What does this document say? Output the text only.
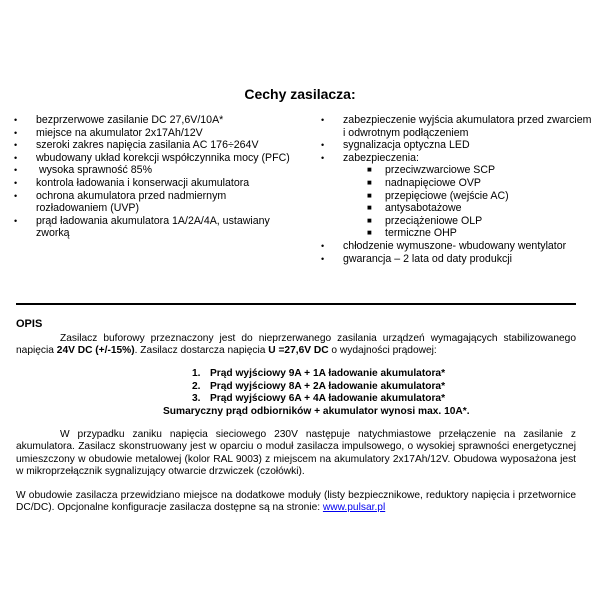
Cechy zasilacza:
• bezprzerwowe zasilanie DC 27,6V/10A*
• miejsce na akumulator 2x17Ah/12V
• szeroki zakres napięcia zasilania AC 176÷264V
• wbudowany układ korekcji współczynnika mocy (PFC)
• wysoka sprawność 85%
• kontrola ładowania i konserwacji akumulatora
• ochrona akumulatora przed nadmiernym rozładowaniem (UVP)
• prąd ładowania akumulatora 1A/2A/4A, ustawiany zworką
• zabezpieczenie wyjścia akumulatora przed zwarciem i odwrotnym podłączeniem
• sygnalizacja optyczna LED
• zabezpieczenia:
■ przeciwzwarciowe SCP
■ nadnapięciowe OVP
■ przepięciowe (wejście AC)
■ antysabotażowe
■ przeciążeniowe OLP
■ termiczne OHP
• chłodzenie wymuszone- wbudowany wentylator
• gwarancja – 2 lata od daty produkcji
OPIS

Zasilacz buforowy przeznaczony jest do nieprzerwanego zasilania urządzeń wymagających stabilizowanego napięcia 24V DC (+/-15%). Zasilacz dostarcza napięcia U =27,6V DC o wydajności prądowej:

1. Prąd wyjściowy 9A + 1A ładowanie akumulatora*
2. Prąd wyjściowy 8A + 2A ładowanie akumulatora*
3. Prąd wyjściowy 6A + 4A ładowanie akumulatora*
Sumaryczny prąd odbiorników + akumulator wynosi max. 10A*.

W przypadku zaniku napięcia sieciowego 230V następuje natychmiastowe przełączenie na zasilanie z akumulatora. Zasilacz skonstruowany jest w oparciu o moduł zasilacza impulsowego, o wysokiej sprawności energetycznej umieszczony w obudowie metalowej (kolor RAL 9003) z miejscem na akumulatory 2x17Ah/12V. Obudowa wyposażona jest w mikroprzełącznik sygnalizujący otwarcie drzwiczek (czołówki).

W obudowie zasilacza przewidziano miejsce na dodatkowe moduły (listy bezpiecznikowe, reduktory napięcia i przetwornice DC/DC). Opcjonalne konfiguracje zasilacza dostępne są na stronie: www.pulsar.pl
